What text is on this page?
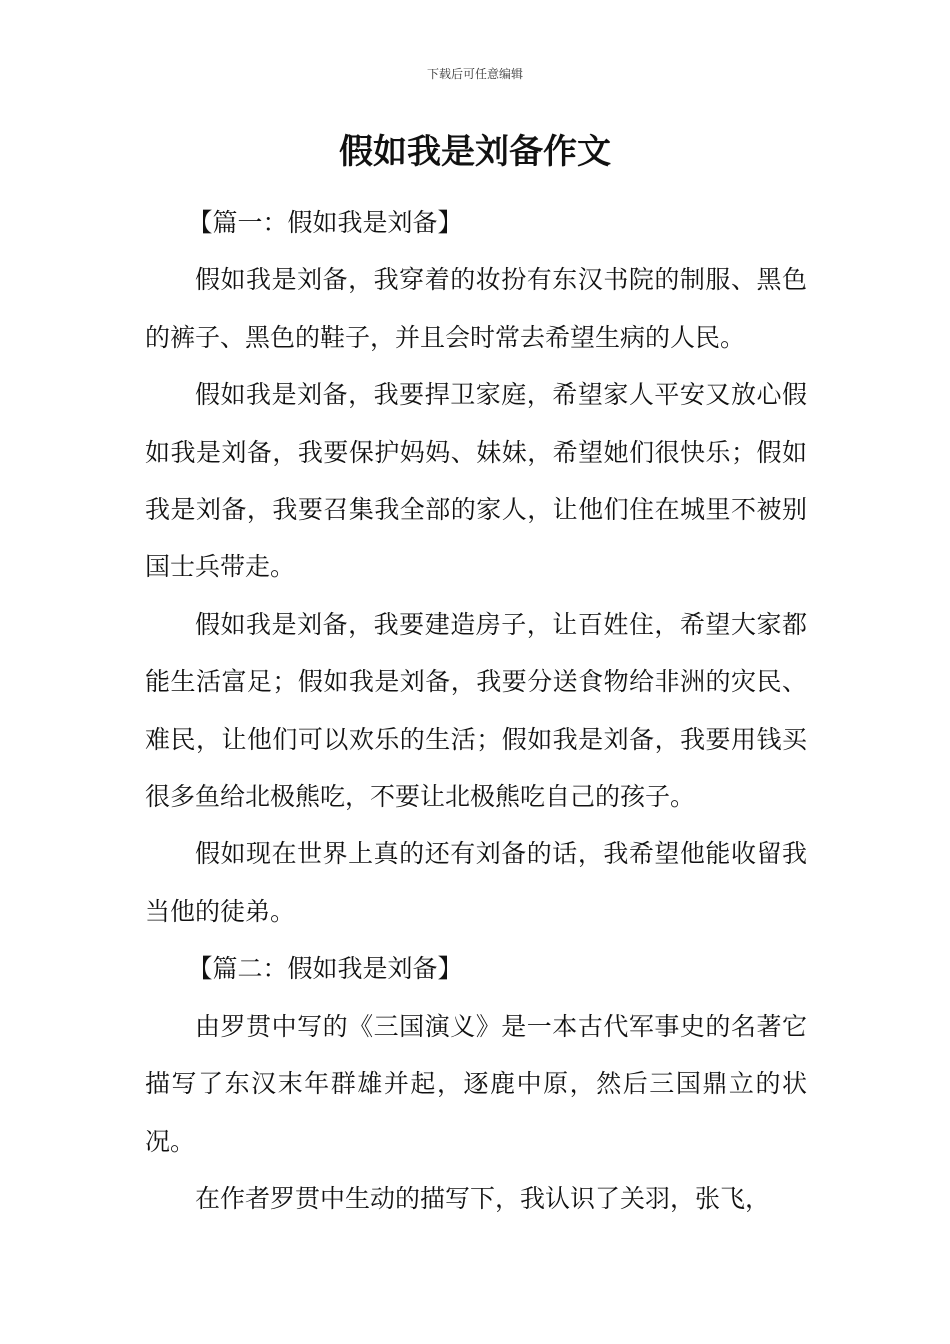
下载后可任意编辑
假如我是刘备作文

【篇一：假如我是刘备】

假如我是刘备，我穿着的妆扮有东汉书院的制服、黑色的裤子、黑色的鞋子，并且会时常去希望生病的人民。

假如我是刘备，我要捍卫家庭，希望家人平安又放心假如我是刘备，我要保护妈妈、妹妹，希望她们很快乐；假如我是刘备，我要召集我全部的家人，让他们住在城里不被别国士兵带走。

假如我是刘备，我要建造房子，让百姓住，希望大家都能生活富足；假如我是刘备，我要分送食物给非洲的灾民、难民，让他们可以欢乐的生活；假如我是刘备，我要用钱买很多鱼给北极熊吃，不要让北极熊吃自己的孩子。

假如现在世界上真的还有刘备的话，我希望他能收留我当他的徒弟。

【篇二：假如我是刘备】

由罗贯中写的《三国演义》是一本古代军事史的名著它描写了东汉末年群雄并起，逐鹿中原，然后三国鼎立的状况。

在作者罗贯中生动的描写下，我认识了关羽，张飞，
